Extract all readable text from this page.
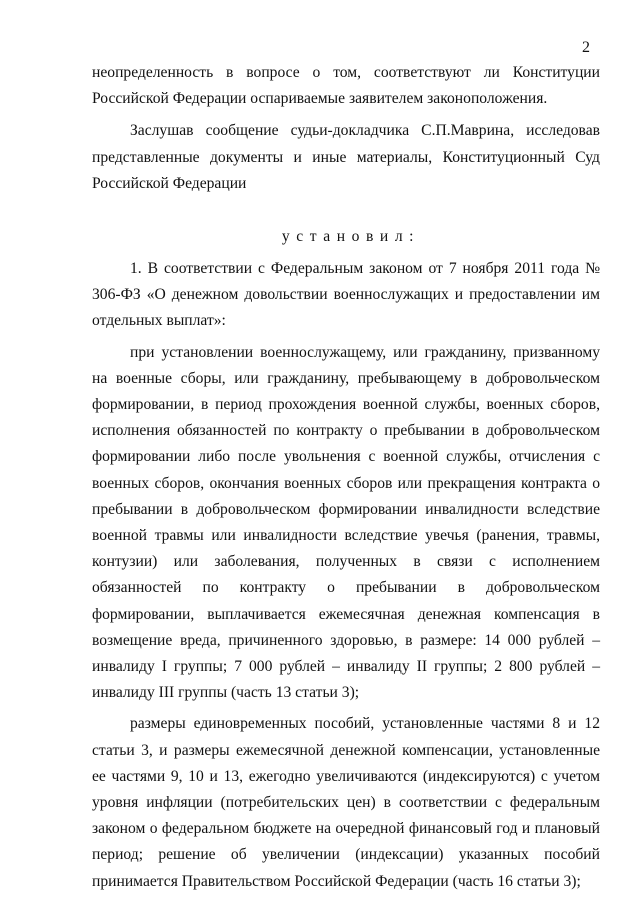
2

неопределенность в вопросе о том, соответствуют ли Конституции Российской Федерации оспариваемые заявителем законоположения.

Заслушав сообщение судьи-докладчика С.П.Маврина, исследовав представленные документы и иные материалы, Конституционный Суд Российской Федерации

установил:

1. В соответствии с Федеральным законом от 7 ноября 2011 года № 306-ФЗ «О денежном довольствии военнослужащих и предоставлении им отдельных выплат»:

при установлении военнослужащему, или гражданину, призванному на военные сборы, или гражданину, пребывающему в добровольческом формировании, в период прохождения военной службы, военных сборов, исполнения обязанностей по контракту о пребывании в добровольческом формировании либо после увольнения с военной службы, отчисления с военных сборов, окончания военных сборов или прекращения контракта о пребывании в добровольческом формировании инвалидности вследствие военной травмы или инвалидности вследствие увечья (ранения, травмы, контузии) или заболевания, полученных в связи с исполнением обязанностей по контракту о пребывании в добровольческом формировании, выплачивается ежемесячная денежная компенсация в возмещение вреда, причиненного здоровью, в размере: 14 000 рублей – инвалиду I группы; 7 000 рублей – инвалиду II группы; 2 800 рублей – инвалиду III группы (часть 13 статьи 3);

размеры единовременных пособий, установленные частями 8 и 12 статьи 3, и размеры ежемесячной денежной компенсации, установленные ее частями 9, 10 и 13, ежегодно увеличиваются (индексируются) с учетом уровня инфляции (потребительских цен) в соответствии с федеральным законом о федеральном бюджете на очередной финансовый год и плановый период; решение об увеличении (индексации) указанных пособий принимается Правительством Российской Федерации (часть 16 статьи 3);
